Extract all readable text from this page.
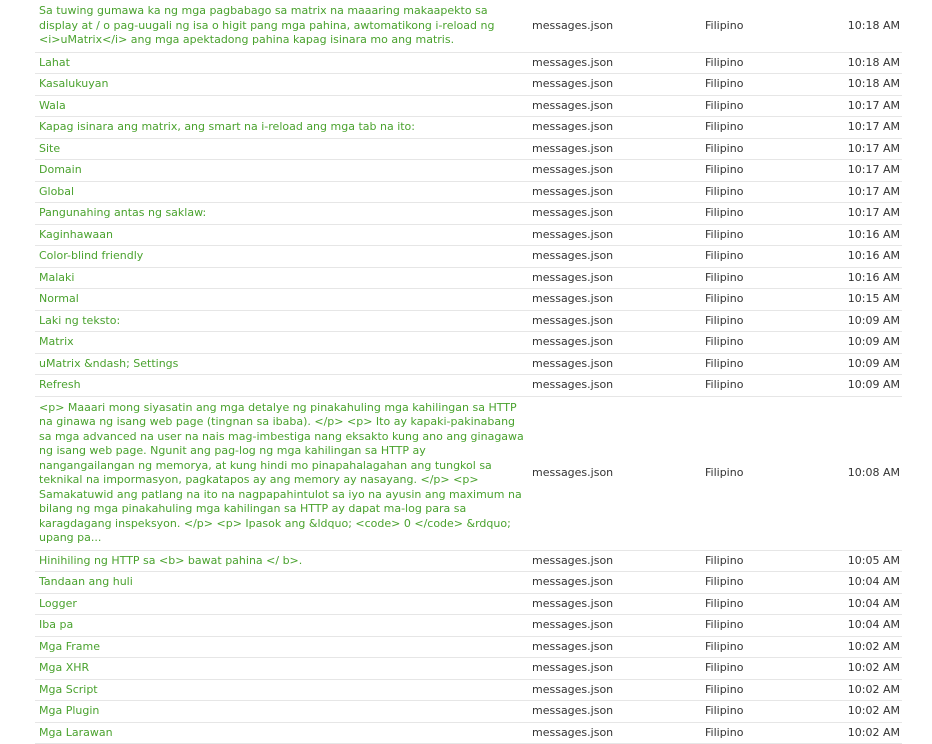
Sa tuwing gumawa ka ng mga pagbabago sa matrix na maaaring makaapekto sa display at / o pag-uugali ng isa o higit pang mga pahina, awtomatikong i-reload ng <i>uMatrix</i> ang mga apektadong pahina kapag isinara mo ang matris.	messages.json	Filipino	10:18 AM
Lahat	messages.json	Filipino	10:18 AM
Kasalukuyan	messages.json	Filipino	10:18 AM
Wala	messages.json	Filipino	10:17 AM
Kapag isinara ang matrix, ang smart na i-reload ang mga tab na ito:	messages.json	Filipino	10:17 AM
Site	messages.json	Filipino	10:17 AM
Domain	messages.json	Filipino	10:17 AM
Global	messages.json	Filipino	10:17 AM
Pangunahing antas ng saklaw:	messages.json	Filipino	10:17 AM
Kaginhawaan	messages.json	Filipino	10:16 AM
Color-blind friendly	messages.json	Filipino	10:16 AM
Malaki	messages.json	Filipino	10:16 AM
Normal	messages.json	Filipino	10:15 AM
Laki ng teksto:	messages.json	Filipino	10:09 AM
Matrix	messages.json	Filipino	10:09 AM
uMatrix &ndash; Settings	messages.json	Filipino	10:09 AM
Refresh	messages.json	Filipino	10:09 AM
<p> Maaari mong siyasatin ang mga detalye ng pinakahuling mga kahilingan sa HTTP na ginawa ng isang web page (tingnan sa ibaba). </p> <p> Ito ay kapaki-pakinabang sa mga advanced na user na nais mag-imbestiga nang eksakto kung ano ang ginagawa ng isang web page. Ngunit ang pag-log ng mga kahilingan sa HTTP ay nangangailangan ng memorya, at kung hindi mo pinapahalagahan ang tungkol sa teknikal na impormasyon, pagkatapos ay ang memory ay nasayang. </p> <p> Samakatuwid ang patlang na ito na nagpapahintulot sa iyo na ayusin ang maximum na bilang ng mga pinakahuling mga kahilingan sa HTTP ay dapat ma-log para sa karagdagang inspeksyon. </p> <p> Ipasok ang &ldquo; <code> 0 </code> &rdquo; upang pa...	messages.json	Filipino	10:08 AM
Hinihiling ng HTTP sa <b> bawat pahina </ b>.	messages.json	Filipino	10:05 AM
Tandaan ang huli	messages.json	Filipino	10:04 AM
Logger	messages.json	Filipino	10:04 AM
Iba pa	messages.json	Filipino	10:04 AM
Mga Frame	messages.json	Filipino	10:02 AM
Mga XHR	messages.json	Filipino	10:02 AM
Mga Script	messages.json	Filipino	10:02 AM
Mga Plugin	messages.json	Filipino	10:02 AM
Mga Larawan	messages.json	Filipino	10:02 AM
